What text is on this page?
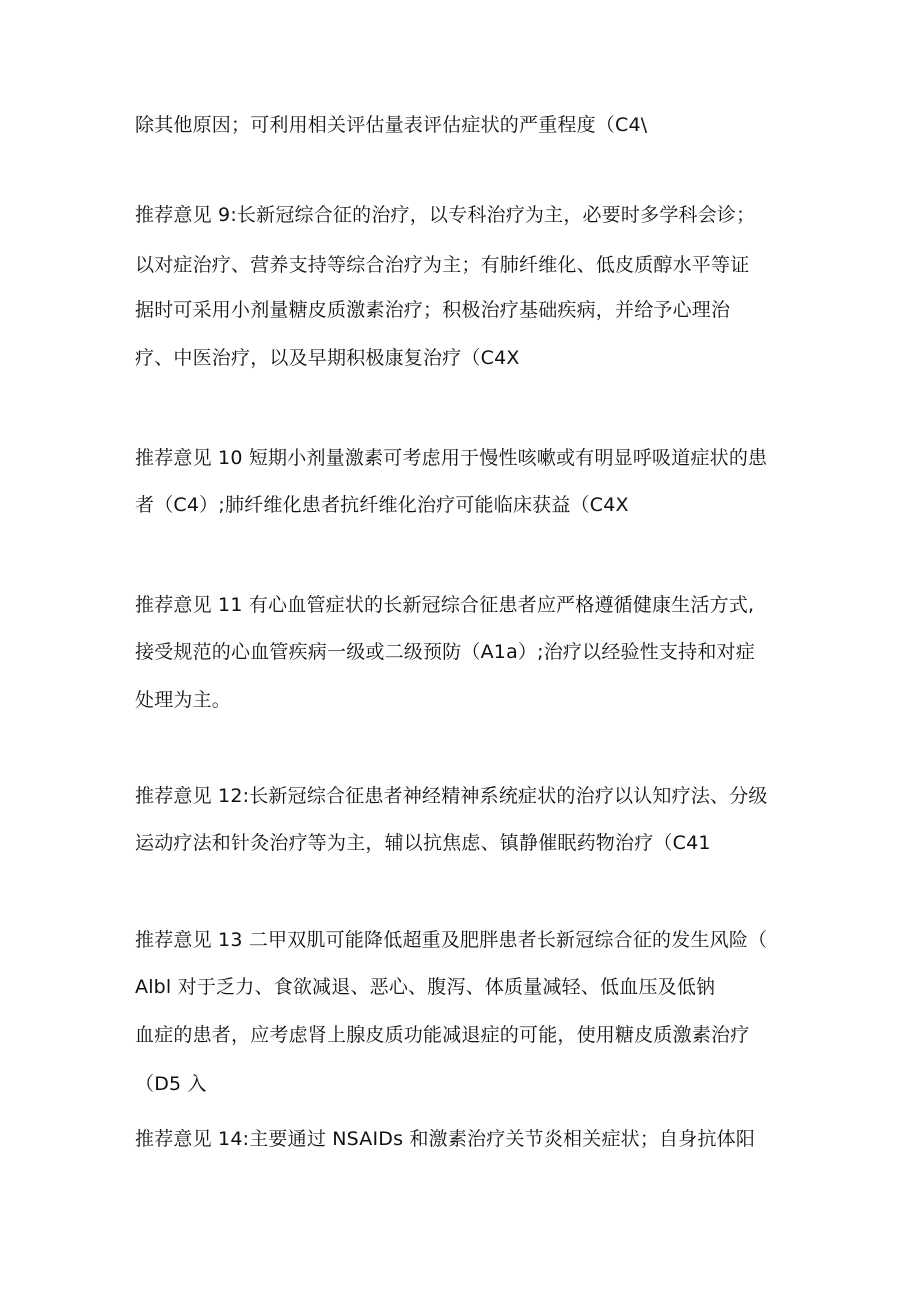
除其他原因；可利用相关评估量表评估症状的严重程度（C4\
推荐意见 9:长新冠综合征的治疗，以专科治疗为主，必要时多学科会诊；
以对症治疗、营养支持等综合治疗为主；有肺纤维化、低皮质醇水平等证
据时可采用小剂量糖皮质激素治疗；积极治疗基础疾病，并给予心理治
疗、中医治疗，以及早期积极康复治疗（C4X
推荐意见 10 短期小剂量激素可考虑用于慢性咳嗽或有明显呼吸道症状的患
者（C4）;肺纤维化患者抗纤维化治疗可能临床获益（C4X
推荐意见 11 有心血管症状的长新冠综合征患者应严格遵循健康生活方式,
接受规范的心血管疾病一级或二级预防（A1a）;治疗以经验性支持和对症
处理为主。
推荐意见 12:长新冠综合征患者神经精神系统症状的治疗以认知疗法、分级
运动疗法和针灸治疗等为主，辅以抗焦虑、镇静催眠药物治疗（C41
推荐意见 13 二甲双肌可能降低超重及肥胖患者长新冠综合征的发生风险（
Albl 对于乏力、食欲减退、恶心、腹泻、体质量减轻、低血压及低钠
血症的患者，应考虑肾上腺皮质功能减退症的可能，使用糖皮质激素治疗
（D5 入
推荐意见 14:主要通过 NSAIDs 和激素治疗关节炎相关症状；自身抗体阳
